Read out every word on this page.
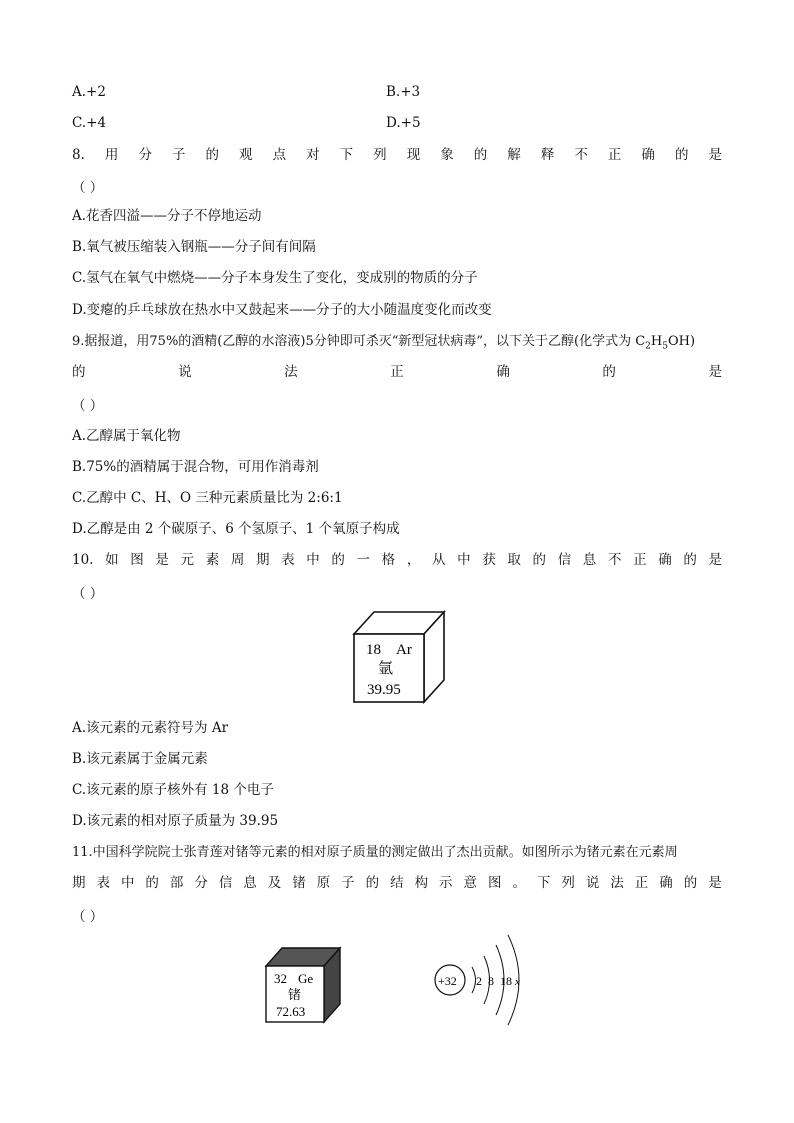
A.+2	B.+3
C.+4	D.+5
8. 用 分 子 的 观 点 对 下 列 现 象 的 解 释 不 正 确 的 是
（ ）
A.花香四溢——分子不停地运动
B.氧气被压缩装入钢瓶——分子间有间隔
C.氢气在氧气中燃烧——分子本身发生了变化，变成别的物质的分子
D.变瘪的乒乓球放在热水中又鼓起来——分子的大小随温度变化而改变
9.据报道，用75%的酒精(乙醇的水溶液)5分钟即可杀灭“新型冠状病毒”，以下关于乙醇(化学式为 $C_2H_5OH$)
的	说	法	正	确	的	是
（ ）
A.乙醇属于氧化物
B.75%的酒精属于混合物，可用作消毒剂
C.乙醇中 C、H、O 三种元素质量比为 2:6:1
D.乙醇是由 2 个碳原子、6 个氢原子、1 个氧原子构成
10. 如 图 是 元 素 周 期 表 中 的 一 格 ， 从 中 获 取 的 信 息 不 正 确 的 是
（ ）
18 Ar
氩
39.95
A.该元素的元素符号为 Ar
B.该元素属于金属元素
C.该元素的原子核外有 18 个电子
D.该元素的相对原子质量为 39.95
11.中国科学院院士张青莲对锗等元素的相对原子质量的测定做出了杰出贡献。如图所示为锗元素在元素周
期 表 中 的 部 分 信 息 及 锗 原 子 的 结 构 示 意 图 。 下 列 说 法 正 确 的 是
（ ）
32 Ge
锗
72.63
+32 2 8 18 x
